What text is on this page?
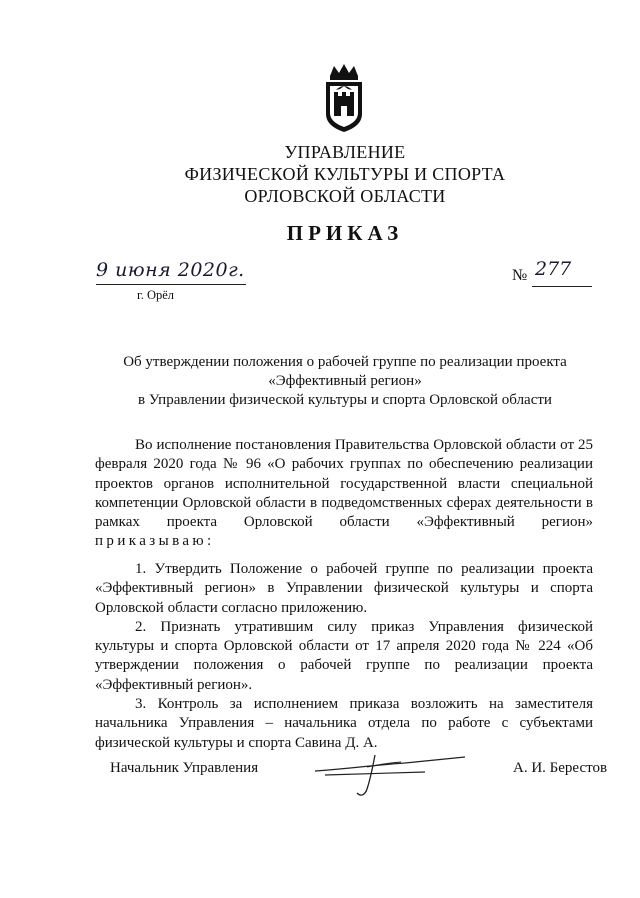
УПРАВЛЕНИЕ
ФИЗИЧЕСКОЙ КУЛЬТУРЫ И СПОРТА
ОРЛОВСКОЙ ОБЛАСТИ
ПРИКАЗ
9 июня 2020г.
г. Орёл
№ 277
Об утверждении положения о рабочей группе по реализации проекта
«Эффективный регион»
в Управлении физической культуры и спорта Орловской области
Во исполнение постановления Правительства Орловской области от 25 февраля 2020 года № 96 «О рабочих группах по обеспечению реализации проектов органов исполнительной государственной власти специальной компетенции Орловской области в подведомственных сферах деятельности в рамках проекта Орловской области «Эффективный регион»
приказываю:
1. Утвердить Положение о рабочей группе по реализации проекта «Эффективный регион» в Управлении физической культуры и спорта Орловской области согласно приложению.
2. Признать утратившим силу приказ Управления физической культуры и спорта Орловской области от 17 апреля 2020 года № 224 «Об утверждении положения о рабочей группе по реализации проекта «Эффективный регион».
3. Контроль за исполнением приказа возложить на заместителя начальника Управления – начальника отдела по работе с субъектами физической культуры и спорта Савина Д. А.
Начальник Управления	А. И. Берестов
